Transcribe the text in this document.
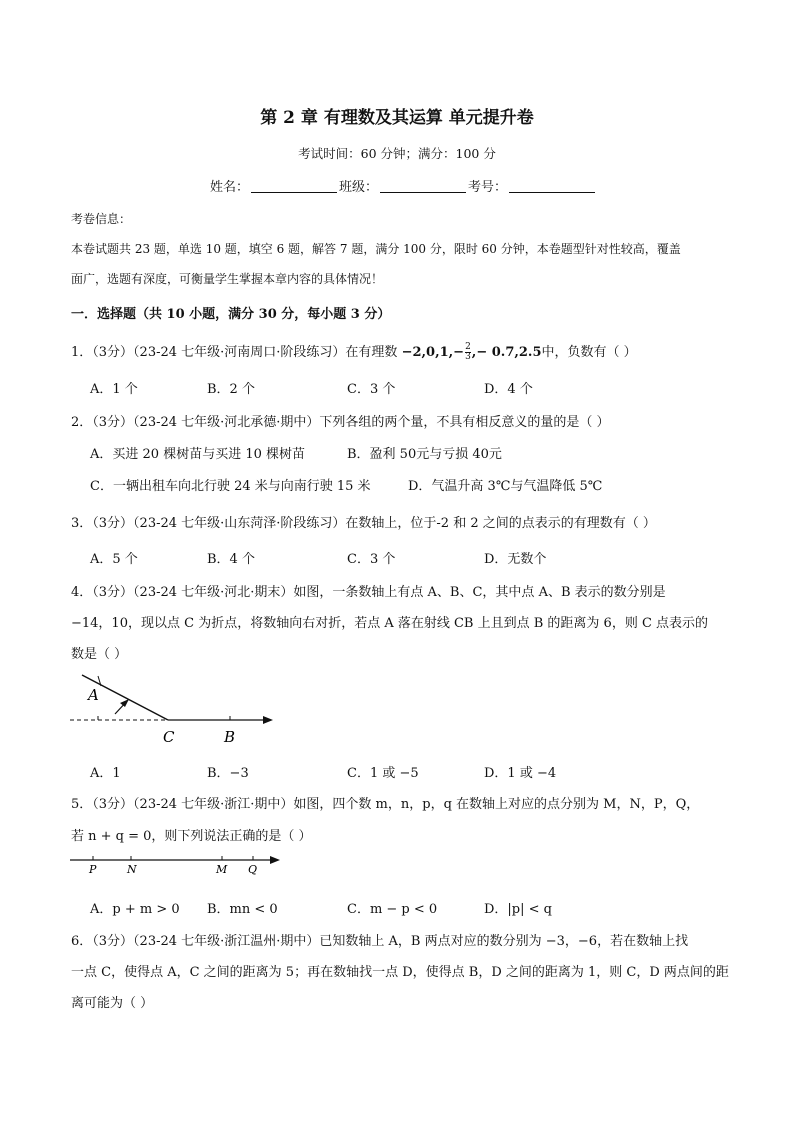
第 2 章 有理数及其运算 单元提升卷
考试时间：60 分钟；满分：100 分
姓名：	班级：	考号：
考卷信息：
本卷试题共 23 题，单选 10 题，填空 6 题，解答 7 题，满分 100 分，限时 60 分钟，本卷题型针对性较高，覆盖
面广，选题有深度，可衡量学生掌握本章内容的具体情况！
一．选择题（共 10 小题，满分 30 分，每小题 3 分）
1．（3分）（23-24 七年级·河南周口·阶段练习）在有理数 $-2,0,1,- \frac{2}{3}$ ,− 0.7,2.5中，负数有（ ）
A．1 个	B．2 个	C．3 个	D．4 个
2．（3分）（23-24 七年级·河北承德·期中）下列各组的两个量，不具有相反意义的量的是（ ）
A．买进 20 棵树苗与买进 10 棵树苗	B．盈利 50元与亏损 40元
C．一辆出租车向北行驶 24 米与向南行驶 15 米	D．气温升高 3℃与气温降低 5℃
3．（3分）（23-24 七年级·山东菏泽·阶段练习）在数轴上，位于-2 和 2 之间的点表示的有理数有（ ）
A．5 个	B．4 个	C．3 个	D．无数个
4．（3分）（23-24 七年级·河北·期末）如图，一条数轴上有点 A、B、C，其中点 A、B 表示的数分别是
−14，10，现以点 C 为折点，将数轴向右对折，若点 A 落在射线 CB 上且到点 B 的距离为 6，则 C 点表示的
数是（ ）
A
C	B
A．1	B．−3	C．1 或 −5	D．1 或 −4
5．（3分）（23-24 七年级·浙江·期中）如图，四个数 m，n，p，q 在数轴上对应的点分别为 M，N，P，Q，
若 n + q = 0，则下列说法正确的是（ ）
P	N	M Q
A．p + m > 0 B．mn < 0	C．m − p < 0	D．|p| < q
6．（3分）（23-24 七年级·浙江温州·期中）已知数轴上 A，B 两点对应的数分别为 −3，−6，若在数轴上找
一点 C，使得点 A，C 之间的距离为 5；再在数轴找一点 D，使得点 B，D 之间的距离为 1，则 C，D 两点间的距
离可能为（ ）
